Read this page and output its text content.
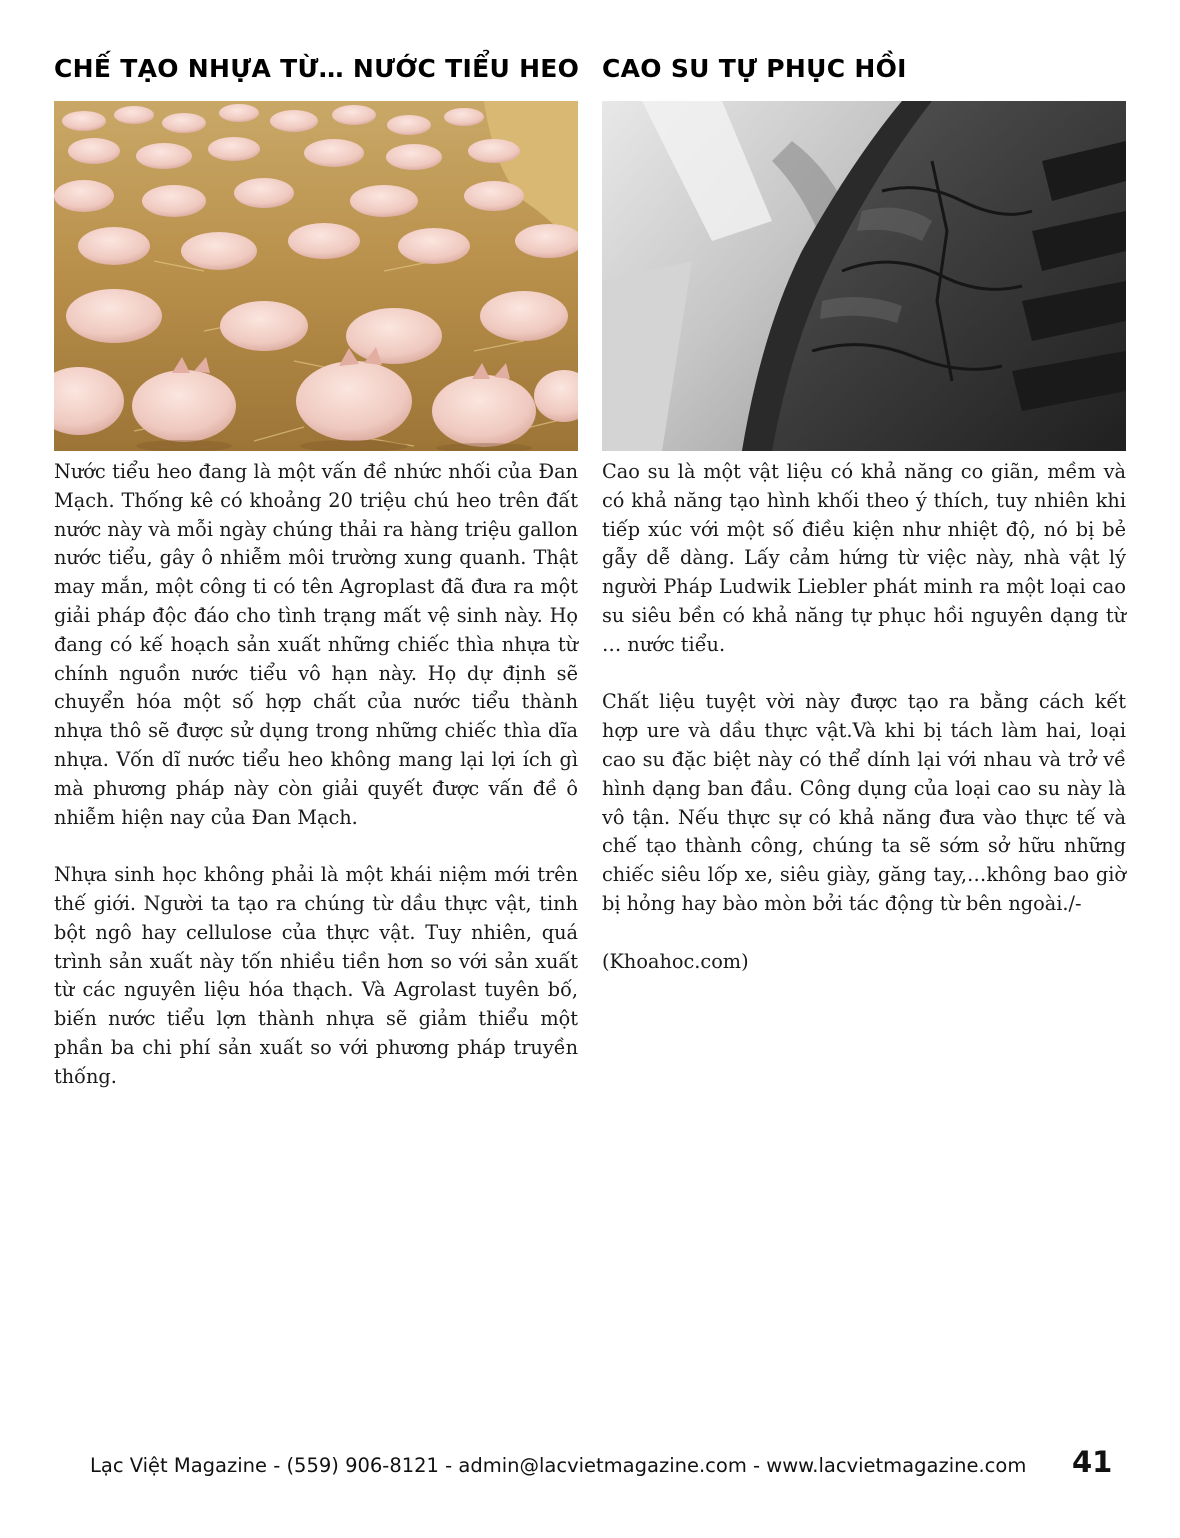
CHẾ TẠO NHỰA TỪ… NƯỚC TIỂU HEO

Nước tiểu heo đang là một vấn đề nhức nhối của Đan Mạch. Thống kê có khoảng 20 triệu chú heo trên đất nước này và mỗi ngày chúng thải ra hàng triệu gallon nước tiểu, gây ô nhiễm môi trường xung quanh. Thật may mắn, một công ti có tên Agroplast đã đưa ra một giải pháp độc đáo cho tình trạng mất vệ sinh này. Họ đang có kế hoạch sản xuất những chiếc thìa nhựa từ chính nguồn nước tiểu vô hạn này. Họ dự định sẽ chuyển hóa một số hợp chất của nước tiểu thành nhựa thô sẽ được sử dụng trong những chiếc thìa dĩa nhựa. Vốn dĩ nước tiểu heo không mang lại lợi ích gì mà phương pháp này còn giải quyết được vấn đề ô nhiễm hiện nay của Đan Mạch.

Nhựa sinh học không phải là một khái niệm mới trên thế giới. Người ta tạo ra chúng từ dầu thực vật, tinh bột ngô hay cellulose của thực vật. Tuy nhiên, quá trình sản xuất này tốn nhiều tiền hơn so với sản xuất từ các nguyên liệu hóa thạch. Và Agrolast tuyên bố, biến nước tiểu lợn thành nhựa sẽ giảm thiểu một phần ba chi phí sản xuất so với phương pháp truyền thống.

CAO SU TỰ PHỤC HỒI

Cao su là một vật liệu có khả năng co giãn, mềm và có khả năng tạo hình khối theo ý thích, tuy nhiên khi tiếp xúc với một số điều kiện như nhiệt độ, nó bị bẻ gẫy dễ dàng. Lấy cảm hứng từ việc này, nhà vật lý người Pháp Ludwik Liebler phát minh ra một loại cao su siêu bền có khả năng tự phục hồi nguyên dạng từ … nước tiểu.

Chất liệu tuyệt vời này được tạo ra bằng cách kết hợp ure và dầu thực vật.Và khi bị tách làm hai, loại cao su đặc biệt này có thể dính lại với nhau và trở về hình dạng ban đầu. Công dụng của loại cao su này là vô tận. Nếu thực sự có khả năng đưa vào thực tế và chế tạo thành công, chúng ta sẽ sớm sở hữu những chiếc siêu lốp xe, siêu giày, găng tay,…không bao giờ bị hỏng hay bào mòn bởi tác động từ bên ngoài./-

(Khoahoc.com)

Lạc Việt Magazine - (559) 906-8121 - admin@lacvietmagazine.com - www.lacvietmagazine.com 41
